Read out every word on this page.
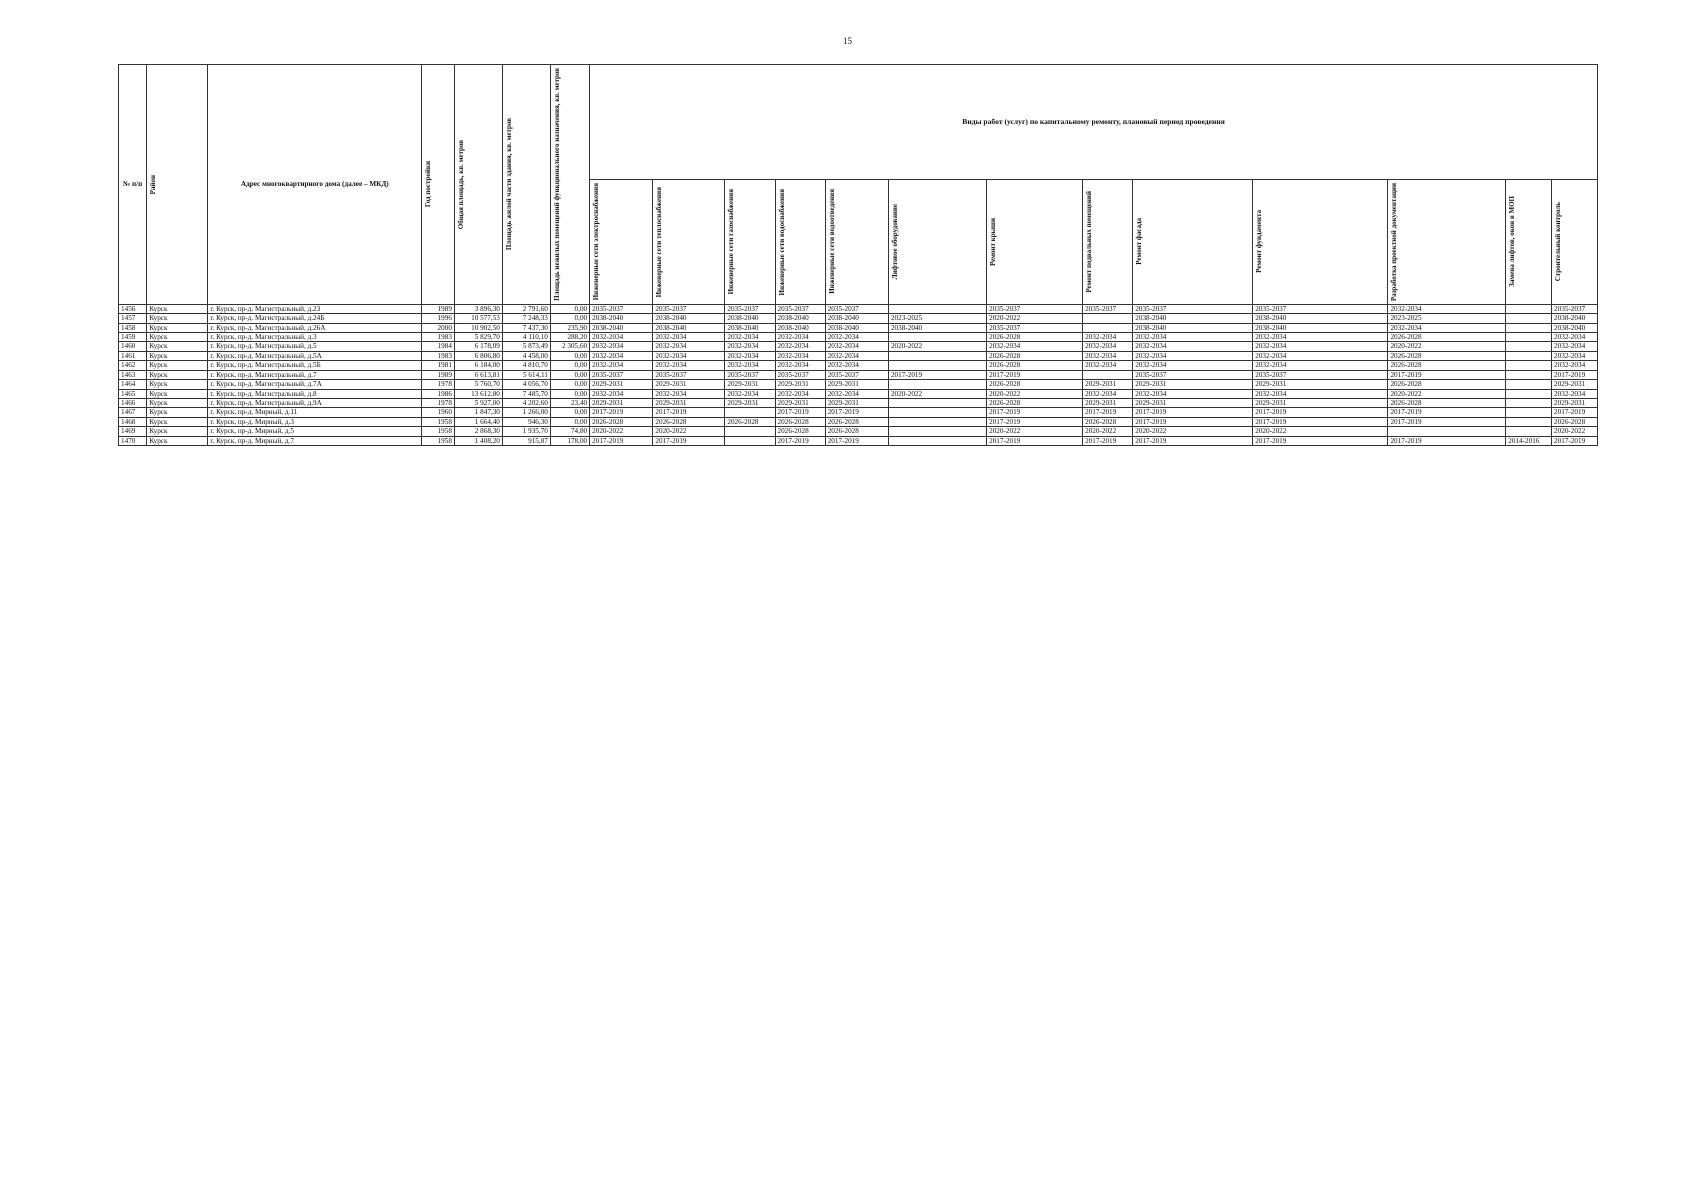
15
№ п/п	Район	Адрес многоквартирного дома (далее – МКД)	Год постройки	Общая площадь, кв. метров	Площадь жилой части здания, кв. метров	Площадь нежилых помещений функционального назначения, кв. метров	Виды работ (услуг) по капитальному ремонту, плановый период проведения												

							Инженерные сети электроснабжения	Инженерные сети теплоснабжения	Инженерные сети газоснабжения	Инженерные сети водоснабжения	Инженерные сети водоотведения	Лифтовое оборудование	Ремонт крыши	Ремонт подвальных помещений	Ремонт фасада	Ремонт фундамента	Разработка проектной документации	Замена лифтов, окон в МОП	Строительный контроль

1456	Курск	г. Курск, пр-д. Магистральный, д.23	1989	3 896,30	2 791,60	0,00	2035-2037	2035-2037	2035-2037	2035-2037	2035-2037		2035-2037	2035-2037	2035-2037	2035-2037	2032-2034		2035-2037
1457	Курск	г. Курск, пр-д. Магистральный, д.24Б	1996	10 577,53	7 248,33	0,00	2038-2040	2038-2040	2038-2040	2038-2040	2038-2040	2023-2025	2020-2022		2038-2040	2038-2040	2023-2025		2038-2040
1458	Курск	г. Курск, пр-д. Магистральный, д.26А	2000	10 902,50	7 437,30	235,90	2038-2040	2038-2040	2038-2040	2038-2040	2038-2040	2038-2040	2035-2037		2038-2040	2038-2040	2032-2034		2038-2040
1459	Курск	г. Курск, пр-д. Магистральный, д.3	1983	5 829,70	4 110,10	288,20	2032-2034	2032-2034	2032-2034	2032-2034	2032-2034		2026-2028	2032-2034	2032-2034	2032-2034	2026-2028		2032-2034
1460	Курск	г. Курск, пр-д. Магистральный, д.5	1984	6 178,09	5 873,49	2 305,60	2032-2034	2032-2034	2032-2034	2032-2034	2032-2034	2020-2022	2032-2034	2032-2034	2032-2034	2032-2034	2020-2022		2032-2034
1461	Курск	г. Курск, пр-д. Магистральный, д.5А	1983	6 806,80	4 458,00	0,00	2032-2034	2032-2034	2032-2034	2032-2034	2032-2034		2026-2028	2032-2034	2032-2034	2032-2034	2026-2028		2032-2034
1462	Курск	г. Курск, пр-д. Магистральный, д.5Б	1981	6 184,00	4 810,70	0,00	2032-2034	2032-2034	2032-2034	2032-2034	2032-2034		2026-2028	2032-2034	2032-2034	2032-2034	2026-2028		2032-2034
1463	Курск	г. Курск, пр-д. Магистральный, д.7	1989	6 613,81	5 614,11	0,00	2035-2037	2035-2037	2035-2037	2035-2037	2035-2037	2017-2019	2017-2019		2035-2037	2035-2037	2017-2019		2017-2019
1464	Курск	г. Курск, пр-д. Магистральный, д.7А	1978	5 760,70	4 056,70	0,00	2029-2031	2029-2031	2029-2031	2029-2031	2029-2031		2026-2028	2029-2031	2029-2031	2029-2031	2026-2028		2029-2031
1465	Курск	г. Курск, пр-д. Магистральный, д.8	1986	13 612,80	7 485,70	0,00	2032-2034	2032-2034	2032-2034	2032-2034	2032-2034	2020-2022	2020-2022	2032-2034	2032-2034	2032-2034	2020-2022		2032-2034
1466	Курск	г. Курск, пр-д. Магистральный, д.9А	1978	5 927,00	4 202,60	23,40	2029-2031	2029-2031	2029-2031	2029-2031	2029-2031		2026-2028	2029-2031	2029-2031	2029-2031	2026-2028		2029-2031
1467	Курск	г. Курск, пр-д. Мирный, д.11	1960	1 847,30	1 266,00	0,00	2017-2019	2017-2019		2017-2019	2017-2019		2017-2019	2017-2019	2017-2019	2017-2019	2017-2019		2017-2019
1468	Курск	г. Курск, пр-д. Мирный, д.3	1958	1 664,40	946,30	0,00	2026-2028	2026-2028	2026-2028	2026-2028	2026-2028		2017-2019	2026-2028	2017-2019	2017-2019	2017-2019		2026-2028
1469	Курск	г. Курск, пр-д. Мирный, д.5	1958	2 868,30	1 935,70	74,80	2020-2022	2020-2022		2026-2028	2026-2028		2020-2022	2020-2022	2020-2022	2020-2022			2020-2022
1470	Курск	г. Курск, пр-д. Мирный, д.7	1958	1 408,20	915,87	178,00	2017-2019	2017-2019		2017-2019	2017-2019		2017-2019	2017-2019	2017-2019	2017-2019	2017-2019	2014-2016	2017-2019
